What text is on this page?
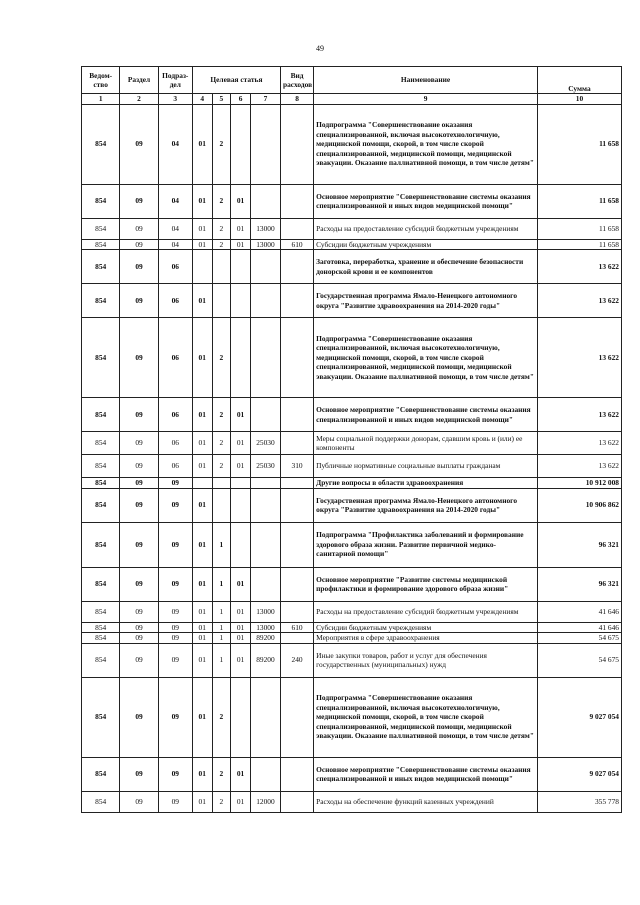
49
Ведом-ство	Раздел	Подраз-дел	Целевая статья				Вид расходов	Наименование	Сумма
1	2	3	4	5	6	7	8	9	10
854	09	04	01	2				Подпрограмма "Совершенствование оказания специализированной, включая высокотехнологичную, медицинской помощи, скорой, в том числе скорой специализированной, медицинской помощи, медицинской эвакуации. Оказание паллиативной помощи, в том числе детям"	11 658
854	09	04	01	2	01			Основное мероприятие "Совершенствование системы оказания специализированной и иных видов медицинской помощи"	11 658
854	09	04	01	2	01	13000		Расходы на предоставление субсидий бюджетным учреждениям	11 658
854	09	04	01	2	01	13000	610	Субсидии бюджетным учреждениям	11 658
854	09	06						Заготовка, переработка, хранение и обеспечение безопасности донорской крови и ее компонентов	13 622
854	09	06	01					Государственная программа Ямало-Ненецкого автономного округа "Развитие здравоохранения на 2014-2020 годы"	13 622
854	09	06	01	2				Подпрограмма "Совершенствование оказания специализированной, включая высокотехнологичную, медицинской помощи, скорой, в том числе скорой специализированной, медицинской помощи, медицинской эвакуации. Оказание паллиативной помощи, в том числе детям"	13 622
854	09	06	01	2	01			Основное мероприятие "Совершенствование системы оказания специализированной и иных видов медицинской помощи"	13 622
854	09	06	01	2	01	25030		Меры социальной поддержки донорам, сдавшим кровь и (или) ее компоненты	13 622
854	09	06	01	2	01	25030	310	Публичные нормативные социальные выплаты гражданам	13 622
854	09	09						Другие вопросы в области здравоохранения	10 912 008
854	09	09	01					Государственная программа Ямало-Ненецкого автономного округа "Развитие здравоохранения на 2014-2020 годы"	10 906 862
854	09	09	01	1				Подпрограмма "Профилактика заболеваний и формирование здорового образа жизни. Развитие первичной медико-санитарной помощи"	96 321
854	09	09	01	1	01			Основное мероприятие "Развитие системы медицинской профилактики и формирование здорового образа жизни"	96 321
854	09	09	01	1	01	13000		Расходы на предоставление субсидий бюджетным учреждениям	41 646
854	09	09	01	1	01	13000	610	Субсидии бюджетным учреждениям	41 646
854	09	09	01	1	01	89200		Мероприятия в сфере здравоохранения	54 675
854	09	09	01	1	01	89200	240	Иные закупки товаров, работ и услуг для обеспечения государственных (муниципальных) нужд	54 675
854	09	09	01	2				Подпрограмма "Совершенствование оказания специализированной, включая высокотехнологичную, медицинской помощи, скорой, в том числе скорой специализированной, медицинской помощи, медицинской эвакуации. Оказание паллиативной помощи, в том числе детям"	9 027 054
854	09	09	01	2	01			Основное мероприятие "Совершенствование системы оказания специализированной и иных видов медицинской помощи"	9 027 054
854	09	09	01	2	01	12000		Расходы на обеспечение функций казенных учреждений	355 778
